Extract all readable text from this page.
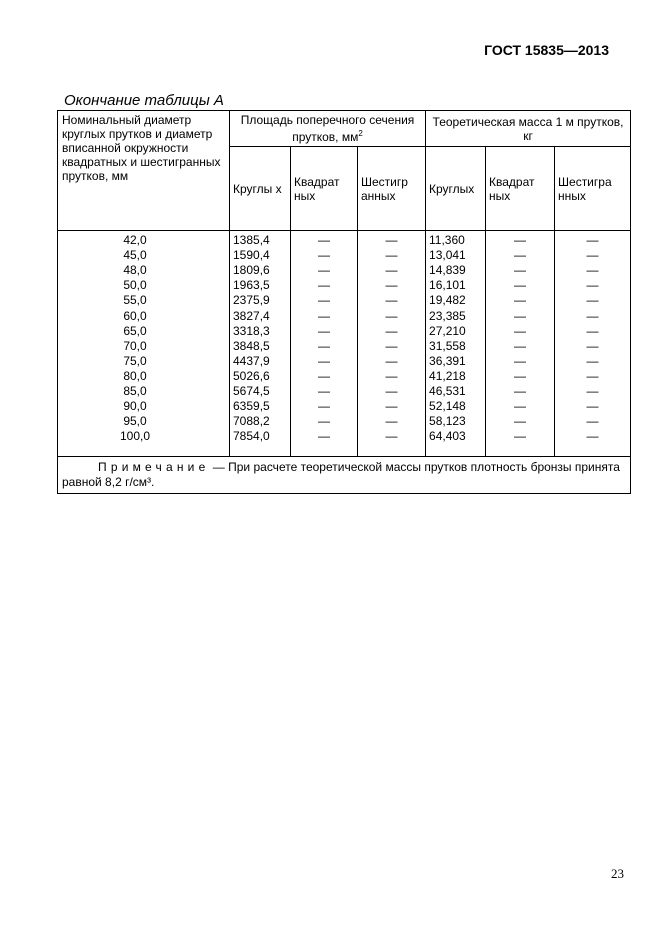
ГОСТ 15835—2013
Окончание таблицы А
Номинальный диаметр круглых прутков и диаметр вписанной окружности квадратных и шестигранных прутков, мм	Площадь поперечного сечения прутков, $мм^2$			Теоретическая масса 1 м прутков, кг		
	Круглы х	Квадрат ных	Шестигр анных	Круглых	Квадрат ных	Шестигра нных
42,0	1385,4	—	—	11,360	—	—
45,0	1590,4	—	—	13,041	—	—
48,0	1809,6	—	—	14,839	—	—
50,0	1963,5	—	—	16,101	—	—
55,0	2375,9	—	—	19,482	—	—
60,0	3827,4	—	—	23,385	—	—
65,0	3318,3	—	—	27,210	—	—
70,0	3848,5	—	—	31,558	—	—
75,0	4437,9	—	—	36,391	—	—
80,0	5026,6	—	—	41,218	—	—
85,0	5674,5	—	—	46,531	—	—
90,0	6359,5	—	—	52,148	—	—
95,0	7088,2	—	—	58,123	—	—
100,0	7854,0	—	—	64,403	—	—

Примечание — При расчете теоретической массы прутков плотность бронзы принята равной 8,2 г/см³.						
23
